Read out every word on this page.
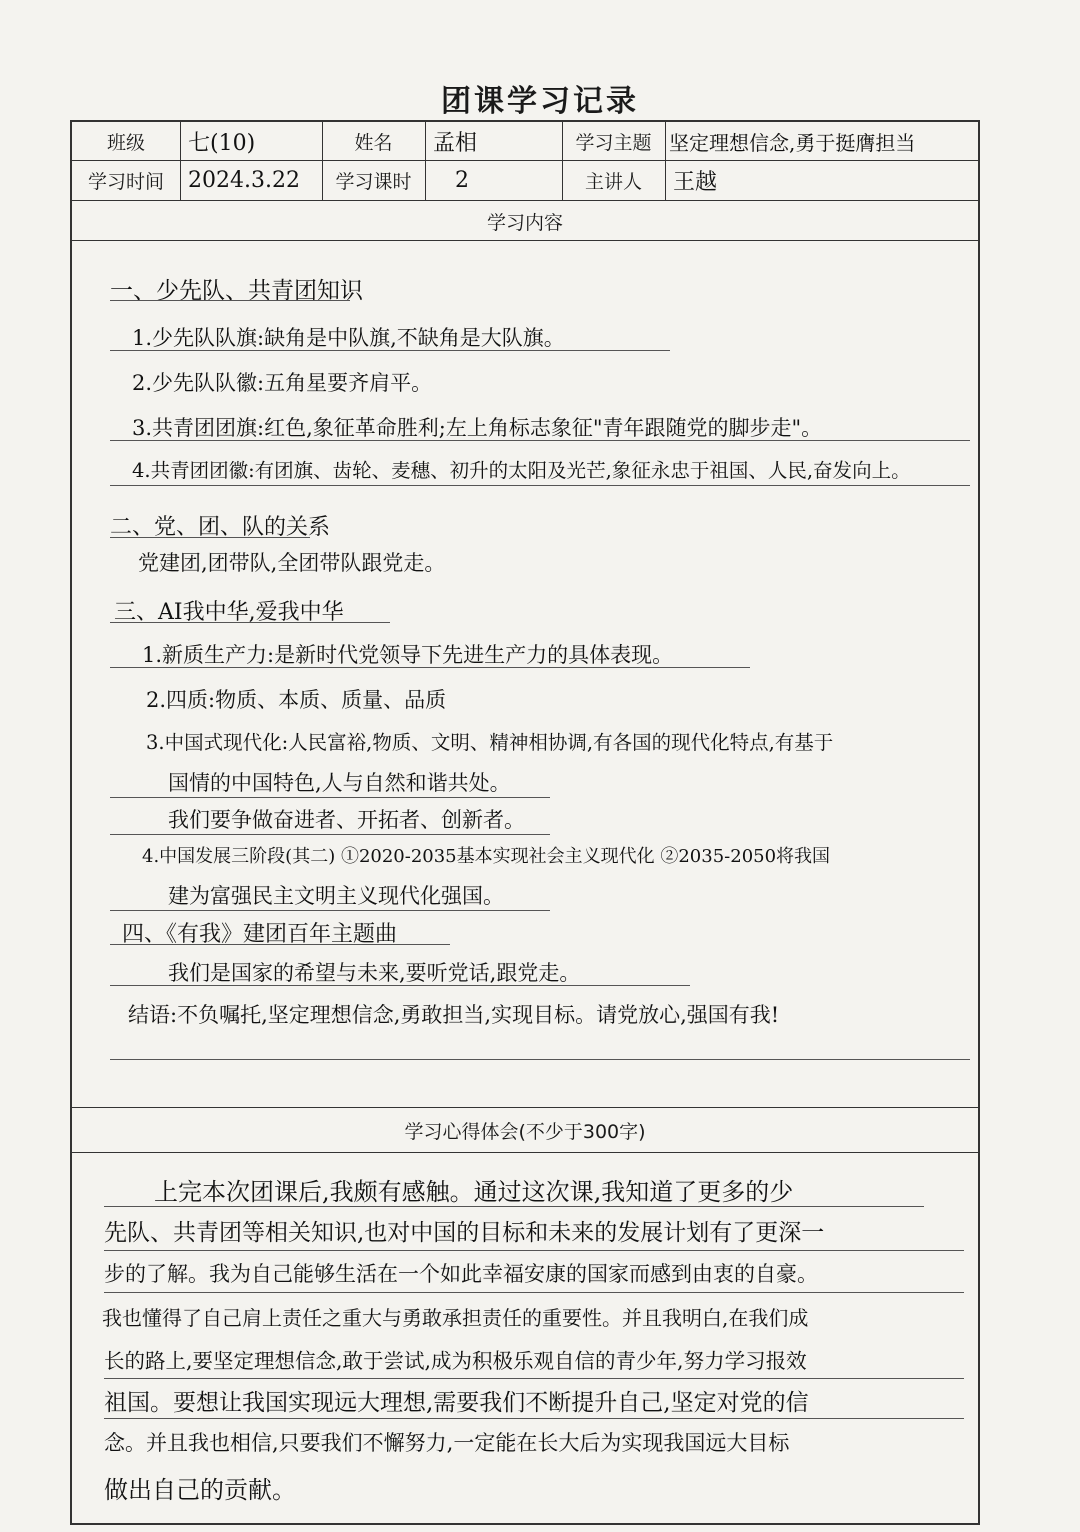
团课学习记录
班级	七(10)	姓名	孟相	学习主题 坚定理想信念,勇于挺膺担当
学习时间	2024.3.22	学习课时	2	主讲人	王越
学习内容
一、少先队、共青团知识
1.少先队队旗:缺角是中队旗,不缺角是大队旗。
2.少先队队徽:五角星要齐肩平。
3.共青团团旗:红色,象征革命胜利;左上角标志象征"青年跟随党的脚步走"。
4.共青团团徽:有团旗、齿轮、麦穗、初升的太阳及光芒,象征永忠于祖国、人民,奋发向上。
二、党、团、队的关系
党建团,团带队,全团带队跟党走。
三、AI我中华,爱我中华
1.新质生产力:是新时代党领导下先进生产力的具体表现。
2.四质:物质、本质、质量、品质
3.中国式现代化:人民富裕,物质、文明、精神相协调,有各国的现代化特点,有基于
国情的中国特色,人与自然和谐共处。
我们要争做奋进者、开拓者、创新者。
4.中国发展三阶段(其二) ①2020-2035基本实现社会主义现代化 ②2035-2050将我国
建为富强民主文明主义现代化强国。
四、《有我》建团百年主题曲
我们是国家的希望与未来,要听党话,跟党走。
结语:不负嘱托,坚定理想信念,勇敢担当,实现目标。请党放心,强国有我!
学习心得体会(不少于300字)
上完本次团课后,我颇有感触。通过这次课,我知道了更多的少
先队、共青团等相关知识,也对中国的目标和未来的发展计划有了更深一
步的了解。我为自己能够生活在一个如此幸福安康的国家而感到由衷的自豪。
我也懂得了自己肩上责任之重大与勇敢承担责任的重要性。并且我明白,在我们成
长的路上,要坚定理想信念,敢于尝试,成为积极乐观自信的青少年,努力学习报效
祖国。要想让我国实现远大理想,需要我们不断提升自己,坚定对党的信
念。并且我也相信,只要我们不懈努力,一定能在长大后为实现我国远大目标
做出自己的贡献。
